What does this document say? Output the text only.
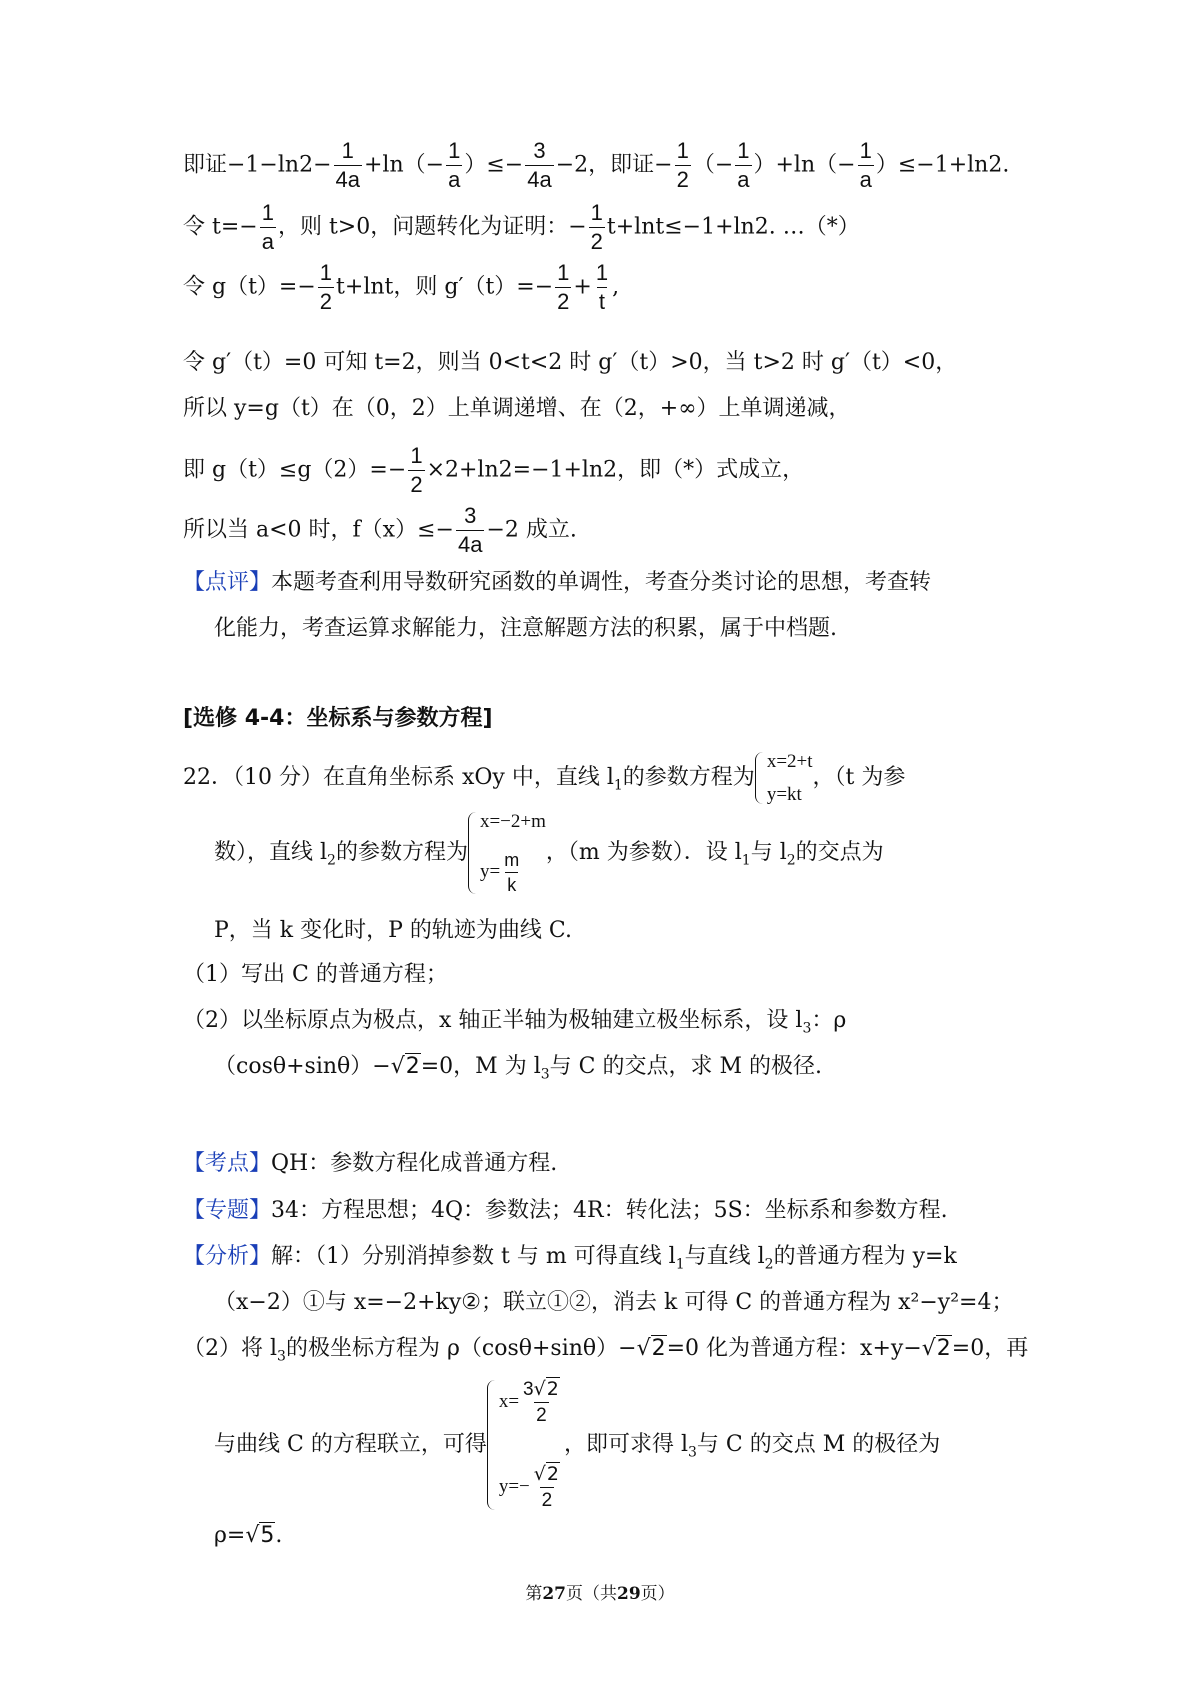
即证$-1-\ln 2- \frac{1}{4a} +\ln(- \frac{1}{a}$ ）≤− $\frac{3}{4a} -2$，即证− $\frac{1}{2}$ （− $\frac{1}{a} )+\ln(- \frac{1}{a} )\le-1+\ln 2$.
令 $t=- \frac{1}{a}$ ，则 t>0，问题转化为证明：− $\frac{1}{2} t+\ln t\le-1+\ln 2$. …（*）
令 $g(t)=- \frac{1}{2} t+\ln t$，则 $g'(t)=- \frac{1}{2} + \frac{1}{t}$ ,
令 g′（t）=0 可知 t=2，则当 0<t<2 时 g′（t）>0，当 t>2 时 g′（t）<0，
所以 y=g（t）在（0，2）上单调递增、在（2，+∞）上单调递减，
即 $g(t)\le g(2)=- \frac{1}{2} \times 2+\ln 2=-1+\ln 2$，即（*）式成立，
所以当 a<0 时，$f(x)\le- \frac{3}{4a} -2$ 成立.
【点评】本题考查利用导数研究函数的单调性，考查分类讨论的思想，考查转
化能力，考查运算求解能力，注意解题方法的积累，属于中档题.
[选修 4-4：坐标系与参数方程]
22．（10 分）在直角坐标系 xOy 中，直线 $l_1$的参数方程为
x=2+t
y=kt
，（t 为参
数），直线 $l_2$的参数方程为
x=−2+m
$y= \frac{m}{k}$ ，（m 为参数）．设 $l_1$与 $l_2$的交点为
P，当 k 变化时，P 的轨迹为曲线 C.
（1）写出 C 的普通方程；
（2）以坐标原点为极点，x 轴正半轴为极轴建立极坐标系，设 $l_3$：ρ
（cosθ+sinθ）−√2=0，M 为 $l_3$与 C 的交点，求 M 的极径.
【考点】QH：参数方程化成普通方程.
【专题】34：方程思想；4Q：参数法；4R：转化法；5S：坐标系和参数方程.
【分析】解：（1）分别消掉参数 t 与 m 可得直线 $l_1$与直线 $l_2$的普通方程为 y=k
（x−2）①与 x=−2+ky②；联立①②，消去 k 可得 C 的普通方程为 x²−y²=4；
（2）将 $l_3$的极坐标方程为 ρ（cosθ+sinθ）−√2=0 化为普通方程：x+y−√2=0，再
与曲线 C 的方程联立，可得
$x= \frac{3√2}{2}$
$y=- \frac{√2}{2}$
，即可求得 $l_3$与 C 的交点 M 的极径为
ρ=√5.
第27页（共29页）
